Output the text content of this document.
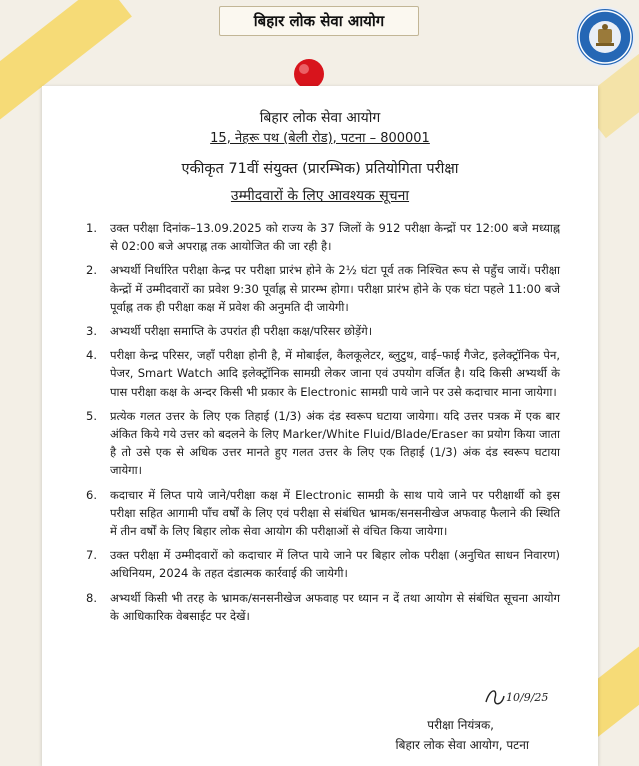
बिहार लोक सेवा आयोग
बिहार लोक सेवा आयोग
15, नेहरू पथ (बेली रोड), पटना – 800001
एकीकृत 71वीं संयुक्त (प्रारम्भिक) प्रतियोगिता परीक्षा
उम्मीदवारों के लिए आवश्यक सूचना
1.	उक्त परीक्षा दिनांक–13.09.2025 को राज्य के 37 जिलों के 912 परीक्षा केन्द्रों पर 12:00 बजे मध्याह्न से 02:00 बजे अपराह्न तक आयोजित की जा रही है।
2.	अभ्यर्थी निर्धारित परीक्षा केन्द्र पर परीक्षा प्रारंभ होने के 2½ घंटा पूर्व तक निश्चित रूप से पहुँच जायें। परीक्षा केन्द्रों में उम्मीदवारों का प्रवेश 9:30 पूर्वाह्न से प्रारम्भ होगा। परीक्षा प्रारंभ होने के एक घंटा पहले 11:00 बजे पूर्वाह्न तक ही परीक्षा कक्ष में प्रवेश की अनुमति दी जायेगी।
3.	अभ्यर्थी परीक्षा समाप्ति के उपरांत ही परीक्षा कक्ष/परिसर छोड़ेंगे।
4.	परीक्षा केन्द्र परिसर, जहाँ परीक्षा होनी है, में मोबाईल, कैलकूलेटर, ब्लुटुथ, वाई–फाई गैजेट, इलेक्ट्रॉनिक पेन, पेजर, Smart Watch आदि इलेक्ट्रॉनिक सामग्री लेकर जाना एवं उपयोग वर्जित है। यदि किसी अभ्यर्थी के पास परीक्षा कक्ष के अन्दर किसी भी प्रकार के Electronic सामग्री पाये जाने पर उसे कदाचार माना जायेगा।
5.	प्रत्येक गलत उत्तर के लिए एक तिहाई (1/3) अंक दंड स्वरूप घटाया जायेगा। यदि उत्तर पत्रक में एक बार अंकित किये गये उत्तर को बदलने के लिए Marker/White Fluid/Blade/Eraser का प्रयोग किया जाता है तो उसे एक से अधिक उत्तर मानते हुए गलत उत्तर के लिए एक तिहाई (1/3) अंक दंड स्वरूप घटाया जायेगा।
6.	कदाचार में लिप्त पाये जाने/परीक्षा कक्ष में Electronic सामग्री के साथ पाये जाने पर परीक्षार्थी को इस परीक्षा सहित आगामी पाँच वर्षों के लिए एवं परीक्षा से संबंधित भ्रामक/सनसनीखेज अफवाह फैलाने की स्थिति में तीन वर्षों के लिए बिहार लोक सेवा आयोग की परीक्षाओं से वंचित किया जायेगा।
7.	उक्त परीक्षा में उम्मीदवारों को कदाचार में लिप्त पाये जाने पर बिहार लोक परीक्षा (अनुचित साधन निवारण) अधिनियम, 2024 के तहत दंडात्मक कार्रवाई की जायेगी।
8.	अभ्यर्थी किसी भी तरह के भ्रामक/सनसनीखेज अफवाह पर ध्यान न दें तथा आयोग से संबंधित सूचना आयोग के आधिकारिक वेबसाईट पर देखें।
10/9/25
परीक्षा नियंत्रक,
बिहार लोक सेवा आयोग, पटना
